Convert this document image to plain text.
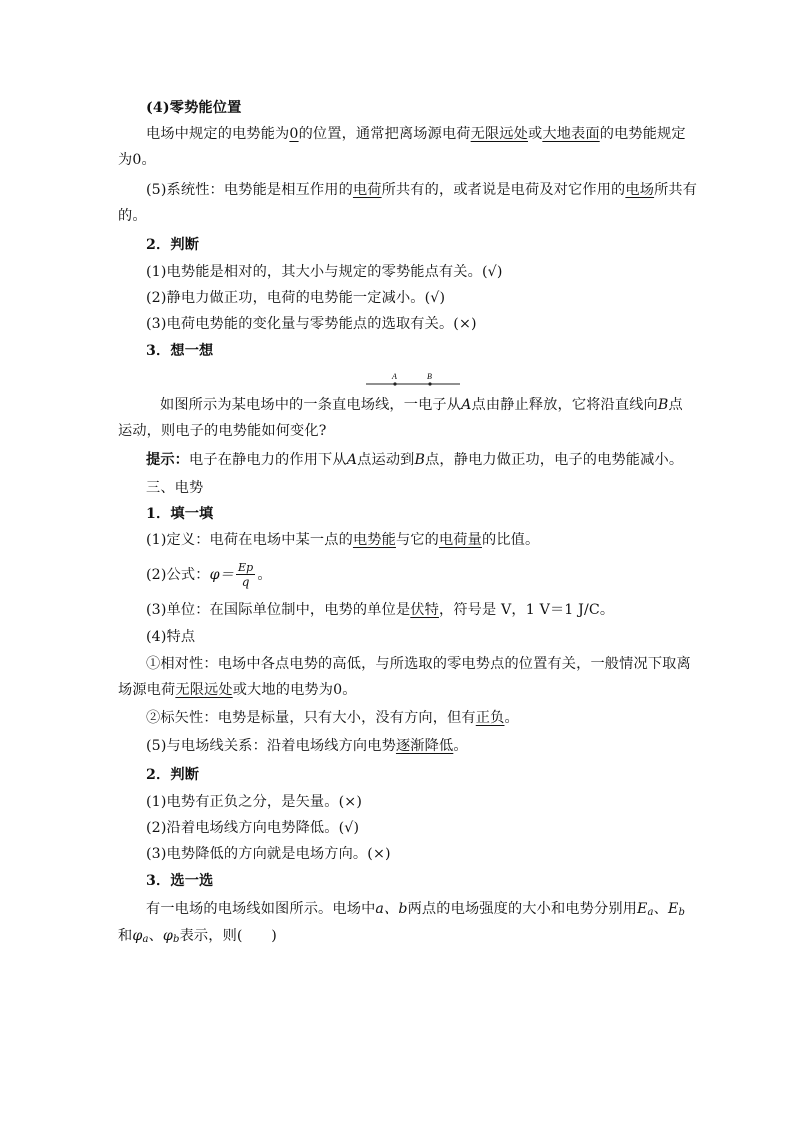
(4)零势能位置
电场中规定的电势能为0的位置，通常把离场源电荷无限远处或大地表面的电势能规定
为0。
(5)系统性：电势能是相互作用的电荷所共有的，或者说是电荷及对它作用的电场所共有
的。
2．判断
(1)电势能是相对的，其大小与规定的零势能点有关。(√)
(2)静电力做正功，电荷的电势能一定减小。(√)
(3)电荷电势能的变化量与零势能点的选取有关。(×)
3．想一想
A	B
如图所示为某电场中的一条直电场线，一电子从A点由静止释放，它将沿直线向B点
运动，则电子的电势能如何变化?
提示：电子在静电力的作用下从A点运动到B点，静电力做正功，电子的电势能减小。
三、电势
1．填一填
(1)定义：电荷在电场中某一点的电势能与它的电荷量的比值。
(2)公式：$\varphi= \frac{Ep}{q}$ 。
(3)单位：在国际单位制中，电势的单位是伏特，符号是 V，1 V＝1 J/C。
(4)特点
①相对性：电场中各点电势的高低，与所选取的零电势点的位置有关，一般情况下取离
场源电荷无限远处或大地的电势为0。
②标矢性：电势是标量，只有大小，没有方向，但有正负。
(5)与电场线关系：沿着电场线方向电势逐渐降低。
2．判断
(1)电势有正负之分，是矢量。(×)
(2)沿着电场线方向电势降低。(√)
(3)电势降低的方向就是电场方向。(×)
3．选一选
有一电场的电场线如图所示。电场中a、b两点的电场强度的大小和电势分别用$E_a$、$E_b$
和$\varphi_a$、$\varphi_b$表示，则(　　)
